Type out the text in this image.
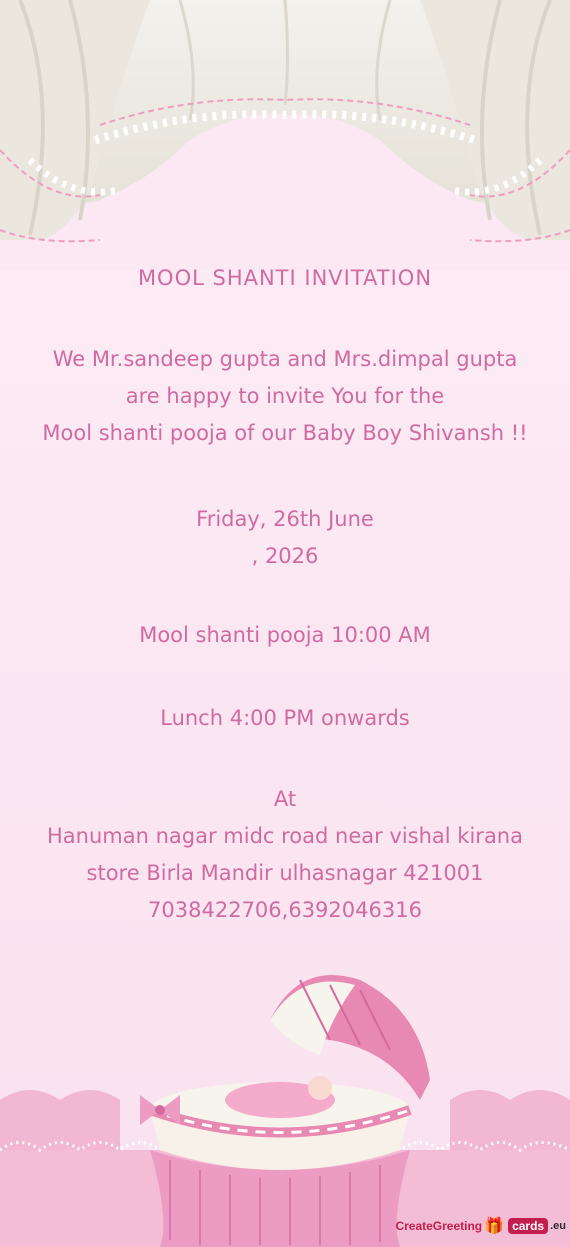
MOOL SHANTI INVITATION
We Mr.sandeep gupta and Mrs.dimpal gupta
are happy to invite You for the
Mool shanti pooja of our Baby Boy Shivansh !!
Friday, 26th June
, 2026
Mool shanti pooja 10:00 AM
Lunch 4:00 PM onwards
At
Hanuman nagar midc road near vishal kirana
store Birla Mandir ulhasnagar 421001
7038422706,6392046316
CreateGreeting 🎁 cards .eu
